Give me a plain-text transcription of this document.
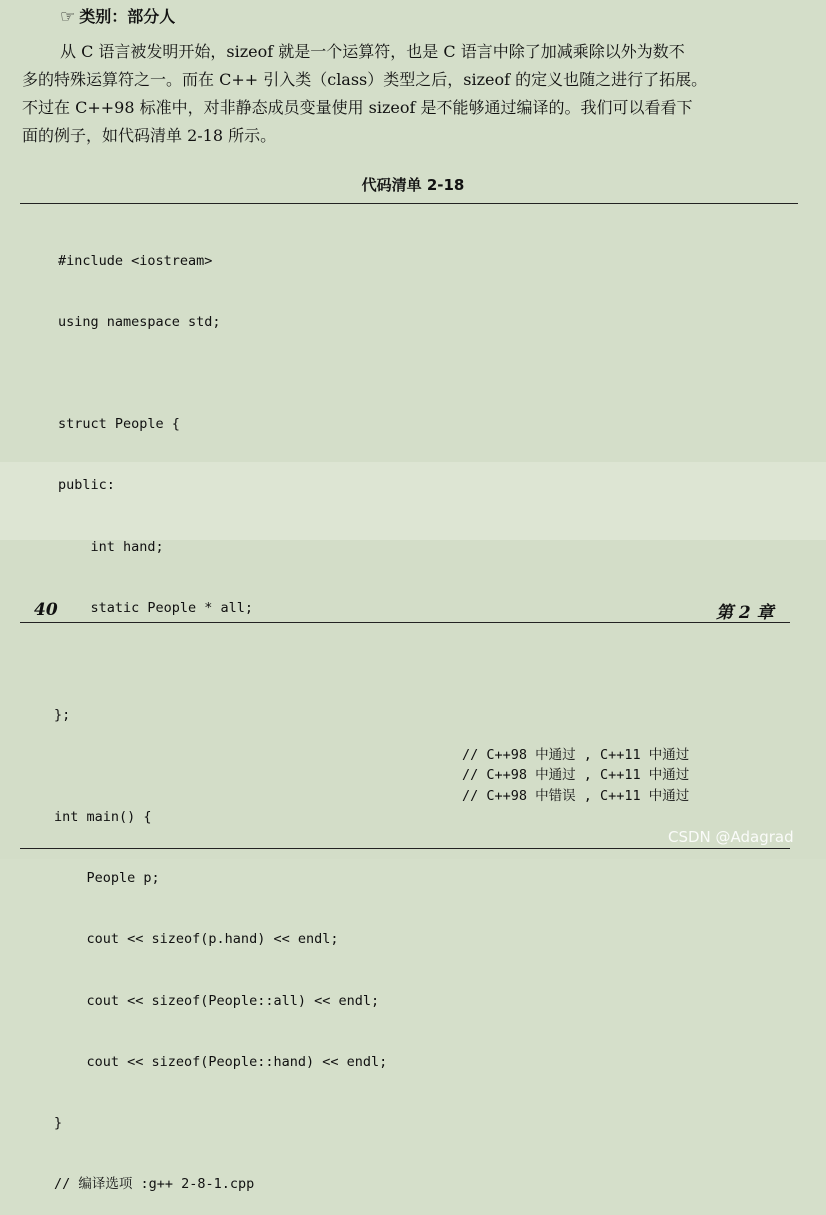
☞ 类别：部分人
从 C 语言被发明开始，sizeof 就是一个运算符，也是 C 语言中除了加减乘除以外为数不
多的特殊运算符之一。而在 C++ 引入类（class）类型之后，sizeof 的定义也随之进行了拓展。
不过在 C++98 标准中，对非静态成员变量使用 sizeof 是不能够通过编译的。我们可以看看下
面的例子，如代码清单 2-18 所示。
代码清单 2-18

#include <iostream>

using namespace std;

struct People {

public:

int hand;

static People * all;

40	第 2 章

};

int main() {

People p;

cout << sizeof(p.hand) << endl;

cout << sizeof(People::all) << endl;

cout << sizeof(People::hand) << endl;

}

// 编译选项 :g++ 2-8-1.cpp

// C++98 中通过 , C++11 中通过
// C++98 中通过 , C++11 中通过
// C++98 中错误 , C++11 中通过
CSDN @Adagrad
